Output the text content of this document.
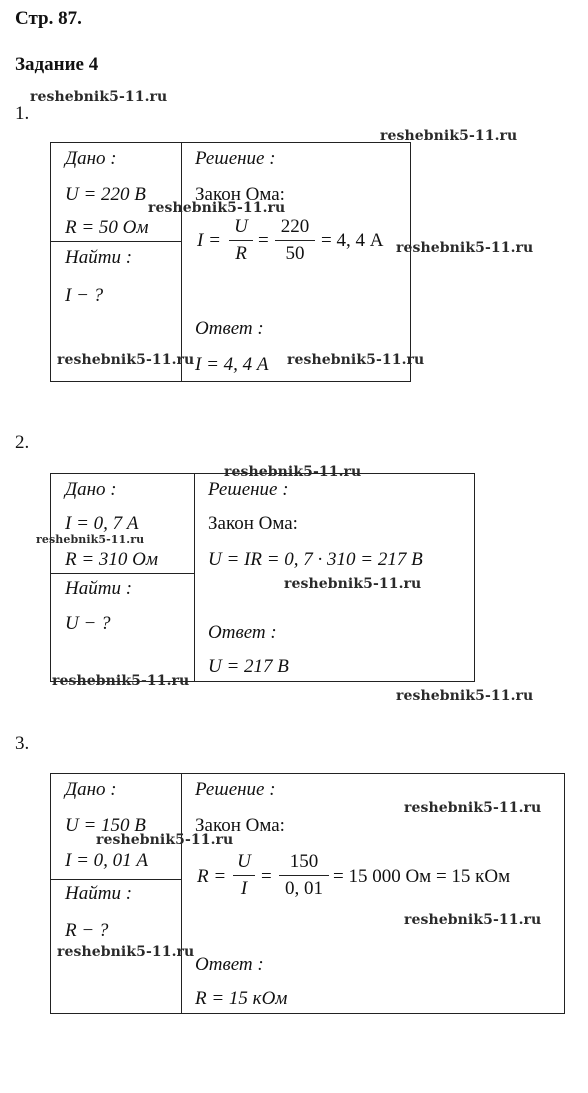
Стр. 87.
Задание 4
1.
Дано :
U = 220 В
R = 50 Ом
Найти :
I − ?
Решение :
Закон Ома:
I =
U
R
=
220
50
= 4, 4 А
Ответ :
I = 4, 4 А
2.
Дано :
I = 0, 7 А
R = 310 Ом
Найти :
U − ?
Решение :
Закон Ома:
U = IR = 0, 7 · 310 = 217 В
Ответ :
U = 217 В
3.
Дано :
U = 150 В
I = 0, 01 А
Найти :
R − ?
Решение :
Закон Ома:
R =
U
I
=
150
0, 01
= 15 000 Ом = 15 кОм
Ответ :
R = 15 кОм
reshebnik5-11.ru
reshebnik5-11.ru
reshebnik5-11.ru
reshebnik5-11.ru
reshebnik5-11.ru	reshebnik5-11.ru
reshebnik5-11.ru
reshebnik5-11.ru
reshebnik5-11.ru
reshebnik5-11.ru
reshebnik5-11.ru
reshebnik5-11.ru
reshebnik5-11.ru
reshebnik5-11.ru
reshebnik5-11.ru
